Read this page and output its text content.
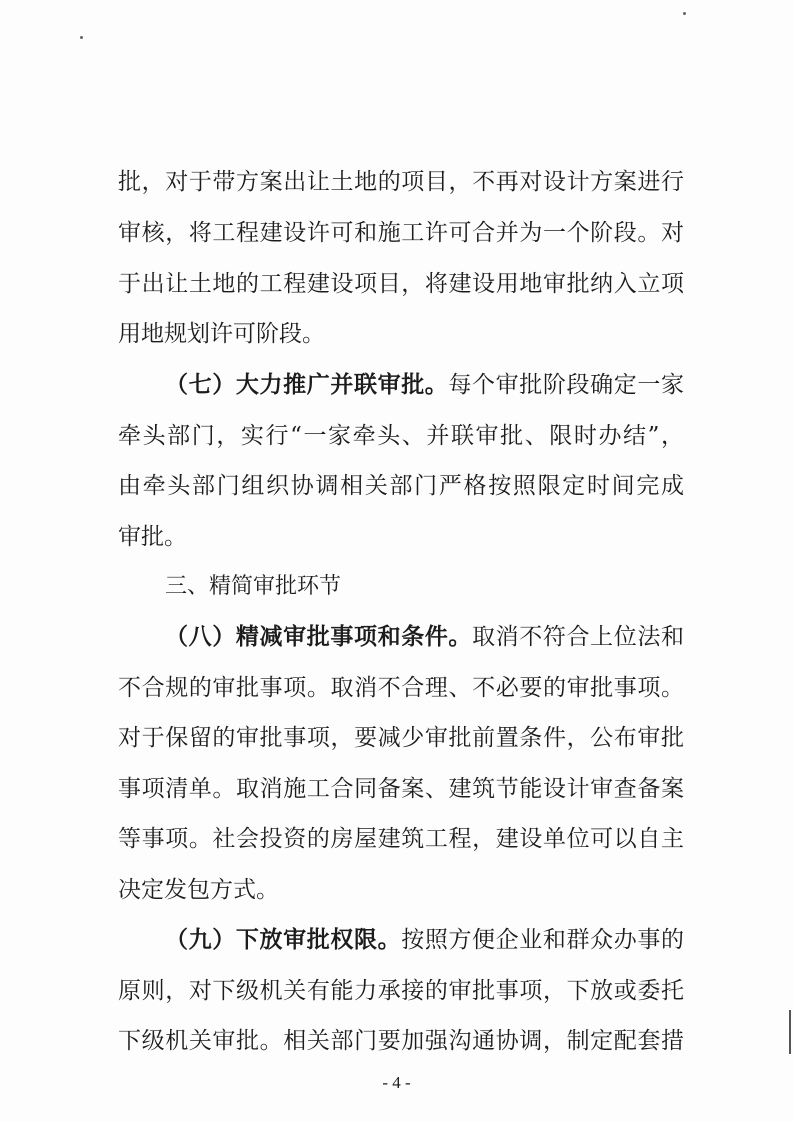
批，对于带方案出让土地的项目，不再对设计方案进行
审核，将工程建设许可和施工许可合并为一个阶段。对
于出让土地的工程建设项目，将建设用地审批纳入立项
用地规划许可阶段。
（七）大力推广并联审批。每个审批阶段确定一家
牵头部门，实行“一家牵头、并联审批、限时办结”，
由牵头部门组织协调相关部门严格按照限定时间完成
审批。
三、精简审批环节
（八）精减审批事项和条件。取消不符合上位法和
不合规的审批事项。取消不合理、不必要的审批事项。
对于保留的审批事项，要减少审批前置条件，公布审批
事项清单。取消施工合同备案、建筑节能设计审查备案
等事项。社会投资的房屋建筑工程，建设单位可以自主
决定发包方式。
（九）下放审批权限。按照方便企业和群众办事的
原则，对下级机关有能力承接的审批事项，下放或委托
下级机关审批。相关部门要加强沟通协调，制定配套措
- 4 -
